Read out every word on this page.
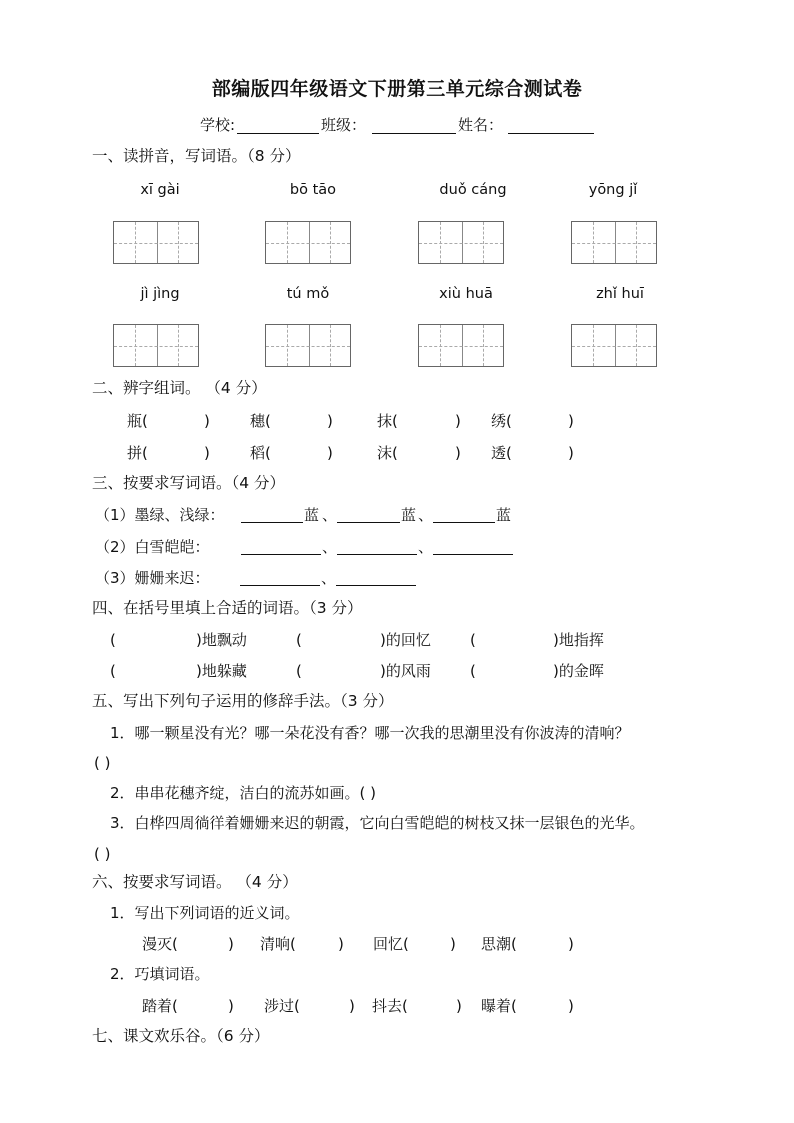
部编版四年级语文下册第三单元综合测试卷
学校:	班级：	姓名：
一、读拼音，写词语。（8 分）
xī gài	bō tāo	duǒ cáng	yōng jǐ
jì jìng	tú mǒ	xiù huā	zhǐ huī
二、辨字组词。 （4 分）
瓶(	)	穗(	)	抹(	) 绣(	)
拼(	)	稻(	)	沫(	) 透(	)
三、按要求写词语。（4 分）
（1）墨绿、浅绿：	蓝 、	蓝 、	蓝
（2）白雪皑皑：	、	、
（3）姗姗来迟：	、
四、在括号里填上合适的词语。（3 分）
(	)地飘动	(	)的回忆	(	)地指挥
(	)地躲藏	(	)的风雨	(	)的金晖
五、写出下列句子运用的修辞手法。（3 分）
1．哪一颗星没有光？哪一朵花没有香？哪一次我的思潮里没有你波涛的清响？
( )
2．串串花穗齐绽，洁白的流苏如画。( )
3．白桦四周徜徉着姗姗来迟的朝霞，它向白雪皑皑的树枝又抹一层银色的光华。
( )
六、按要求写词语。 （4 分）
1．写出下列词语的近义词。
漫灭(	) 清响(	) 回忆(	) 思潮(	)
2．巧填词语。
踏着(	) 涉过(	) 抖去(	) 曝着(	)
七、课文欢乐谷。（6 分）
